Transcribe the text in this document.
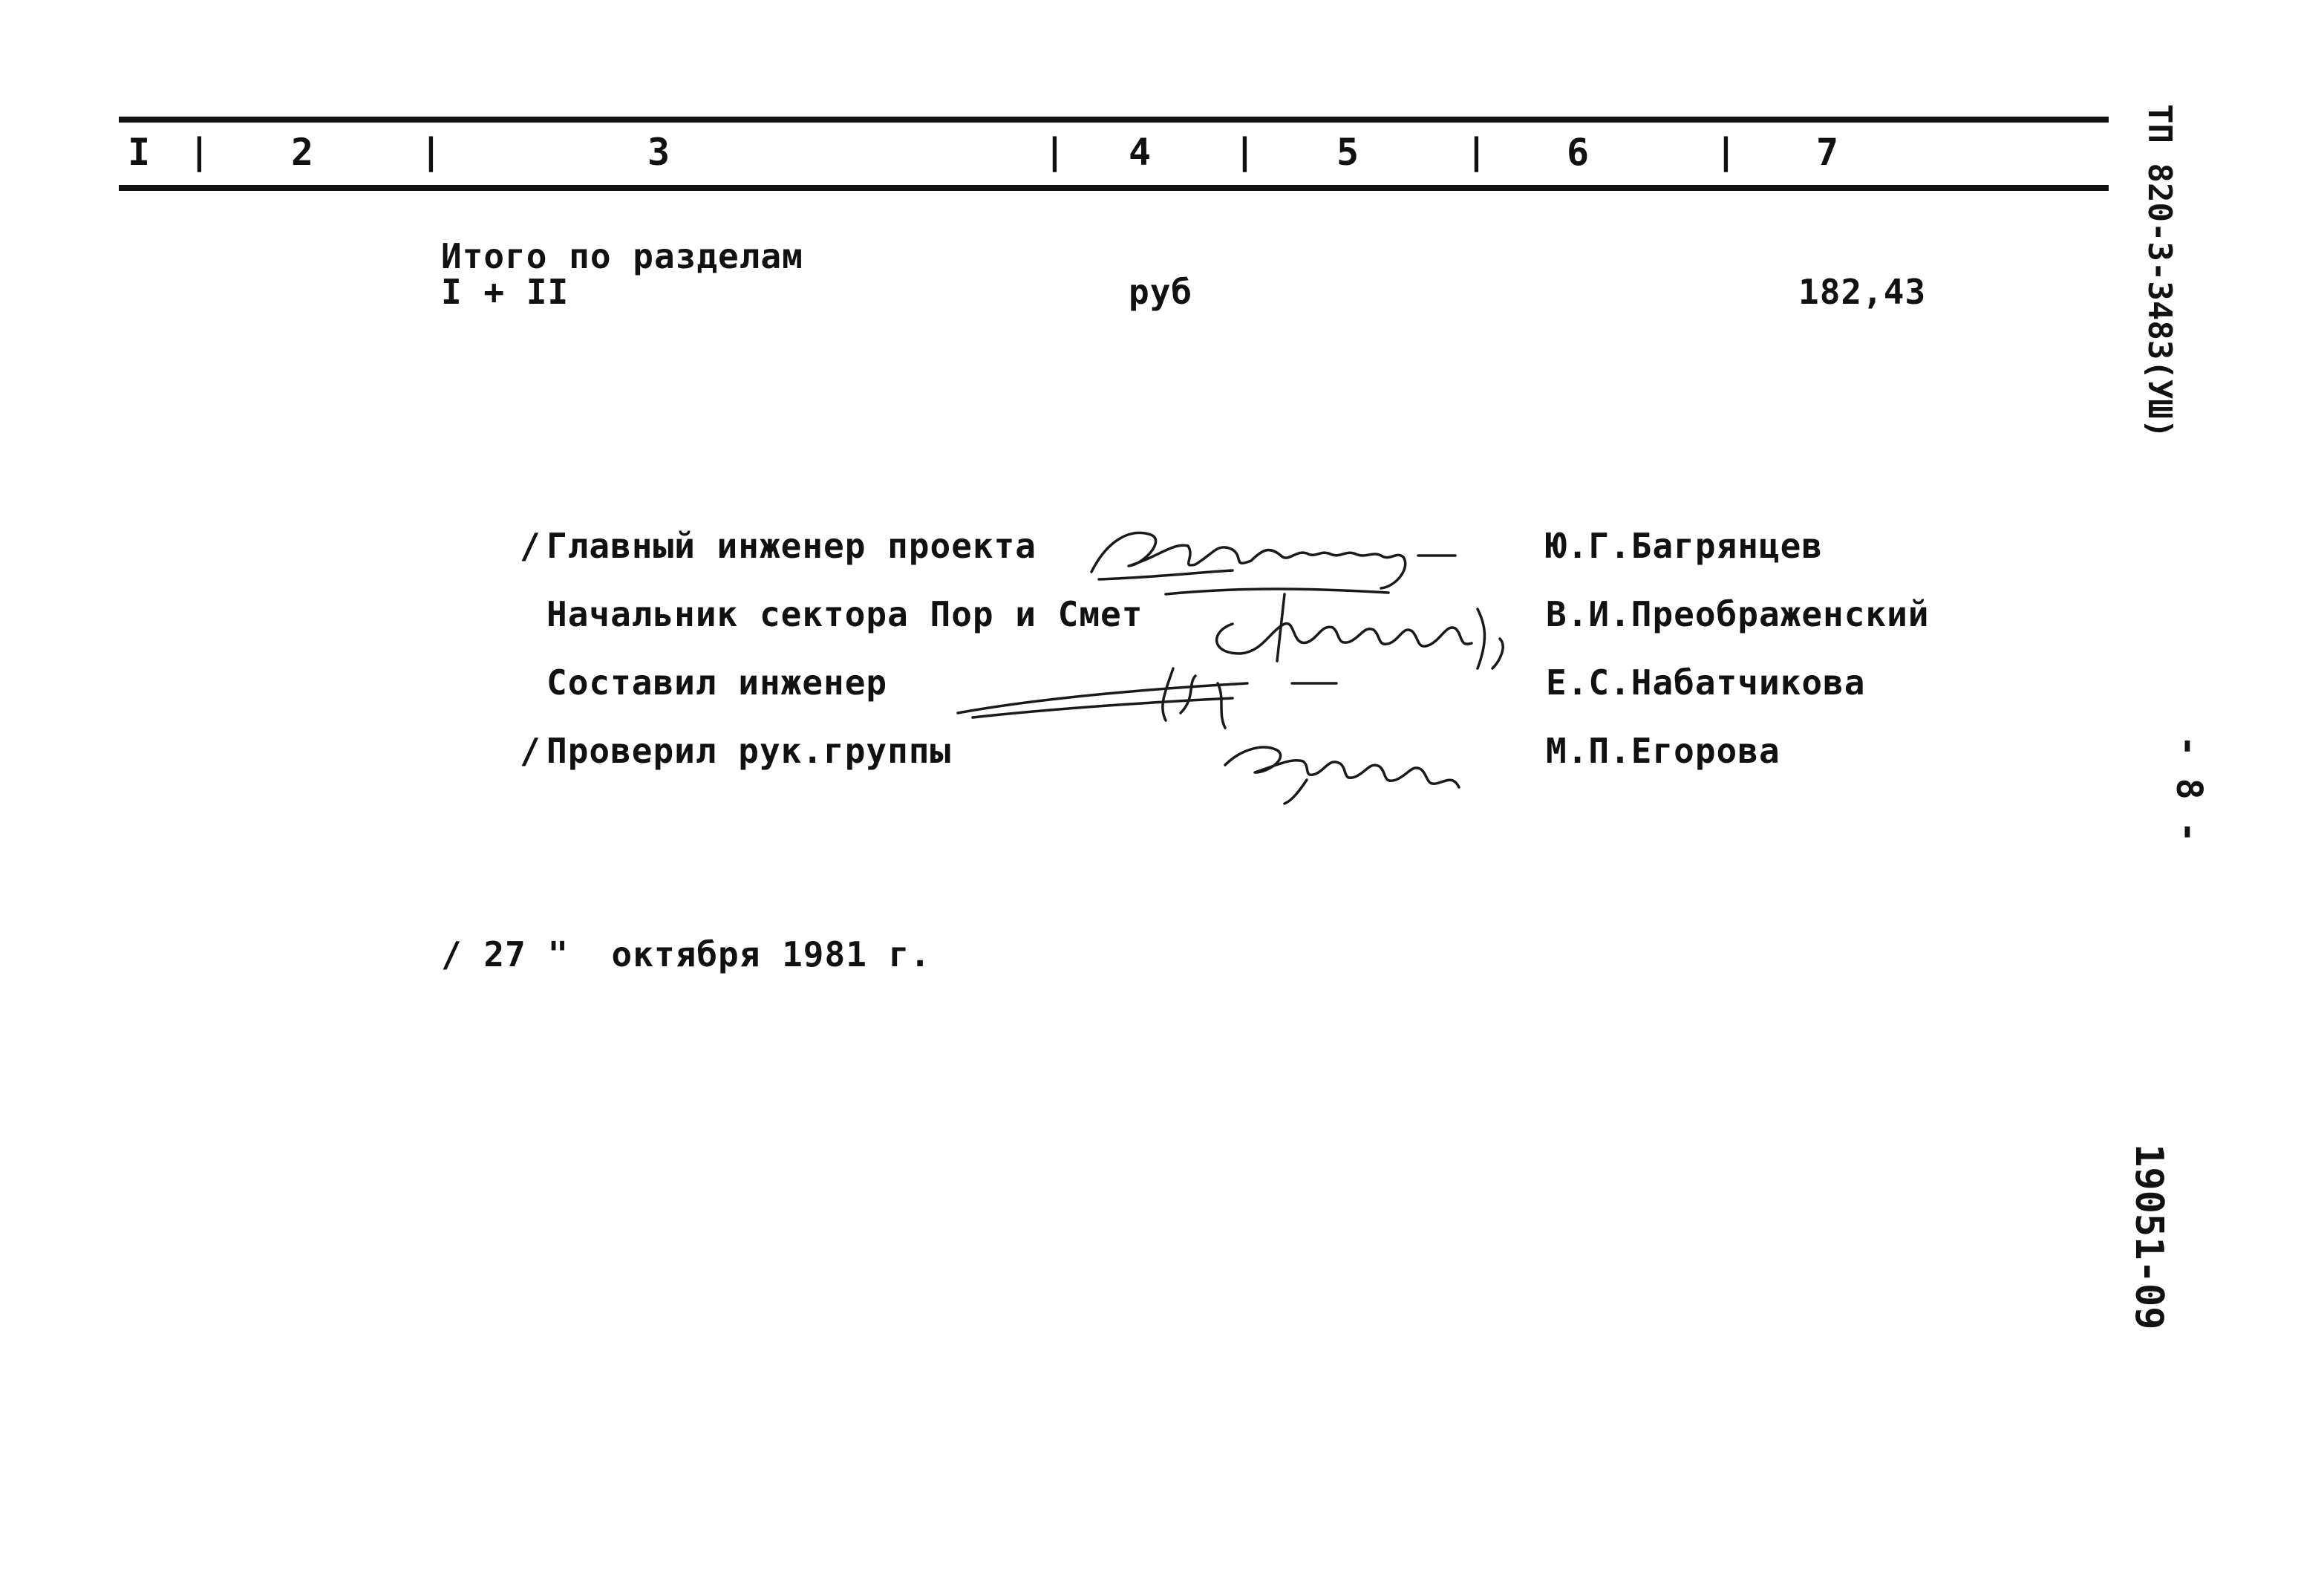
I | 2	|	3	| 4 | 5	| 6	| 7
Итого по разделам
I + II	руб	182,43
/ Главный инженер проекта	Ю.Г.Багрянцев
Начальник сектора Пор и Смет	В.И.Преображенский
Составил инженер	Е.С.Набатчикова
/ Проверил рук.группы	М.П.Егорова
/ 27 "  октября 1981 г.
ТП 820-3-3483(УШ)
- 8 -
19051-09
